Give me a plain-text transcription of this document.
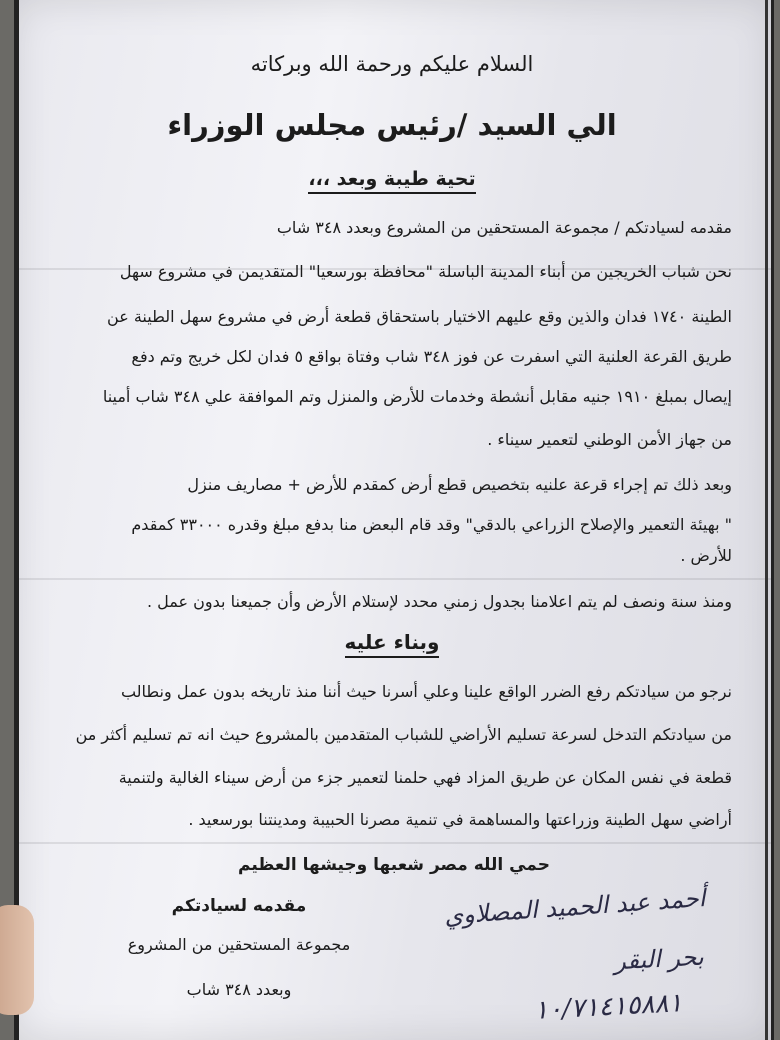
السلام عليكم ورحمة الله وبركاته
الي السيد /رئيس مجلس الوزراء
تحية طيبة وبعد ،،،
مقدمه لسيادتكم / مجموعة المستحقين من المشروع وبعدد ٣٤٨ شاب
نحن شباب الخريجين من أبناء المدينة الباسلة "محافظة بورسعيا" المتقديمن في مشروع سهل
الطينة ١٧٤٠ فدان والذين وقع عليهم الاختيار باستحقاق قطعة أرض في مشروع سهل الطينة عن
طريق القرعة العلنية التي اسفرت عن فوز ٣٤٨ شاب وفتاة بواقع ٥ فدان لكل خريج وتم دفع
إيصال بمبلغ ١٩١٠ جنيه مقابل أنشطة وخدمات للأرض والمنزل وتم الموافقة علي ٣٤٨ شاب أمينا
من جهاز الأمن الوطني لتعمير سيناء .
وبعد ذلك تم إجراء قرعة علنيه بتخصيص قطع أرض كمقدم للأرض + مصاريف منزل
" بهيئة التعمير والإصلاح الزراعي بالدقي" وقد قام البعض منا بدفع مبلغ وقدره ٣٣٠٠٠ كمقدم
للأرض .
ومنذ سنة ونصف لم يتم اعلامنا بجدول زمني محدد لإستلام الأرض وأن جميعنا بدون عمل .
وبناء عليه
نرجو من سيادتكم رفع الضرر الواقع علينا وعلي أسرنا حيث أننا منذ تاريخه بدون عمل ونطالب
من سيادتكم التدخل لسرعة تسليم الأراضي للشباب المتقدمين بالمشروع حيث انه تم تسليم أكثر من
قطعة في نفس المكان عن طريق المزاد فهي حلمنا لتعمير جزء من أرض سيناء الغالية ولتنمية
أراضي سهل الطينة وزراعتها والمساهمة في تنمية مصرنا الحبيبة ومدينتنا بورسعيد .
حمي الله مصر شعبها وجيشها العظيم
مقدمه لسيادتكم
مجموعة المستحقين من المشروع
وبعدد ٣٤٨ شاب
أحمد عبد الحميد المصلاوي
بحر البقر
١٠/٧١٤١٥٨٨١
